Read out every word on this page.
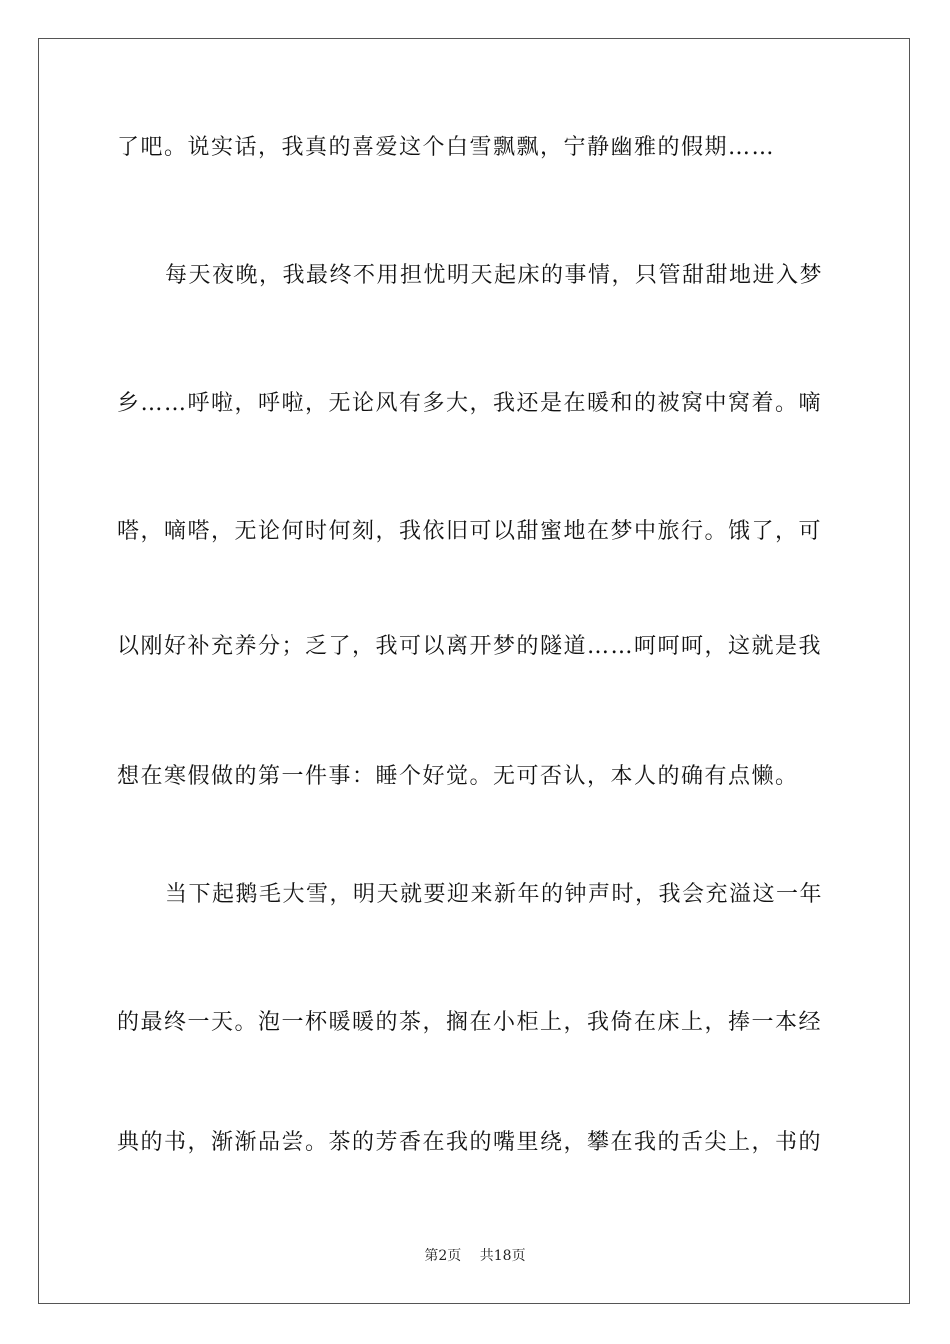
了吧。说实话，我真的喜爱这个白雪飘飘，宁静幽雅的假期……
每天夜晚，我最终不用担忧明天起床的事情，只管甜甜地进入梦
乡……呼啦，呼啦，无论风有多大，我还是在暖和的被窝中窝着。嘀
嗒，嘀嗒，无论何时何刻，我依旧可以甜蜜地在梦中旅行。饿了，可
以刚好补充养分；乏了，我可以离开梦的隧道……呵呵呵，这就是我
想在寒假做的第一件事：睡个好觉。无可否认，本人的确有点懒。
当下起鹅毛大雪，明天就要迎来新年的钟声时，我会充溢这一年
的最终一天。泡一杯暖暖的茶，搁在小柜上，我倚在床上，捧一本经
典的书，渐渐品尝。茶的芳香在我的嘴里绕，攀在我的舌尖上，书的
第2页 共18页
